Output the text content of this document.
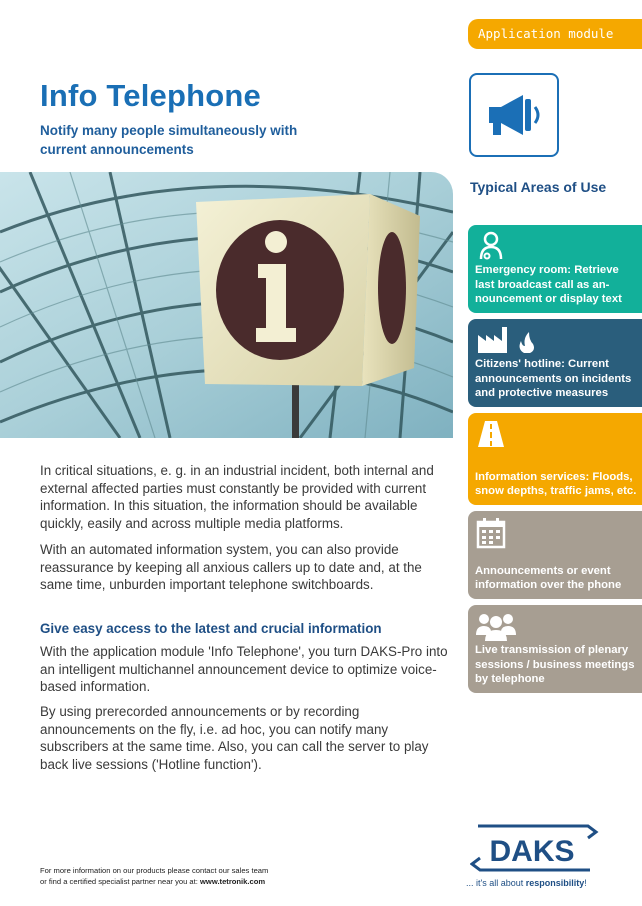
Application module
Info Telephone
Notify many people simultaneously with current announcements

In critical situations, e. g. in an industrial incident, both internal and external affected parties must constantly be provided with current information. In this situation, the information should be available quickly, easily and across multiple media platforms.

With an automated information system, you can also provide reassurance by keeping all anxious callers up to date and, at the same time, unburden important telephone switchboards.

Give easy access to the latest and crucial information

With the application module 'Info Telephone', you turn DAKS-Pro into an intelligent multichannel announcement device to optimize voice-based information.

By using prerecorded announcements or by recording announcements on the fly, i.e. ad hoc, you can notify many subscribers at the same time. Also, you can call the server to play back live sessions ('Hotline function').

Typical Areas of Use
Emergency room: Retrieve last broadcast call as an-nouncement or display text
Citizens' hotline: Current announcements on incidents and protective measures
Information services: Floods, snow depths, traffic jams, etc.
Announcements or event information over the phone
Live transmission of plenary sessions / business meetings by telephone
For more information on our products please contact our sales team
or find a certified specialist partner near you at: www.tetronik.com
DAKS
... it's all about responsibility!
